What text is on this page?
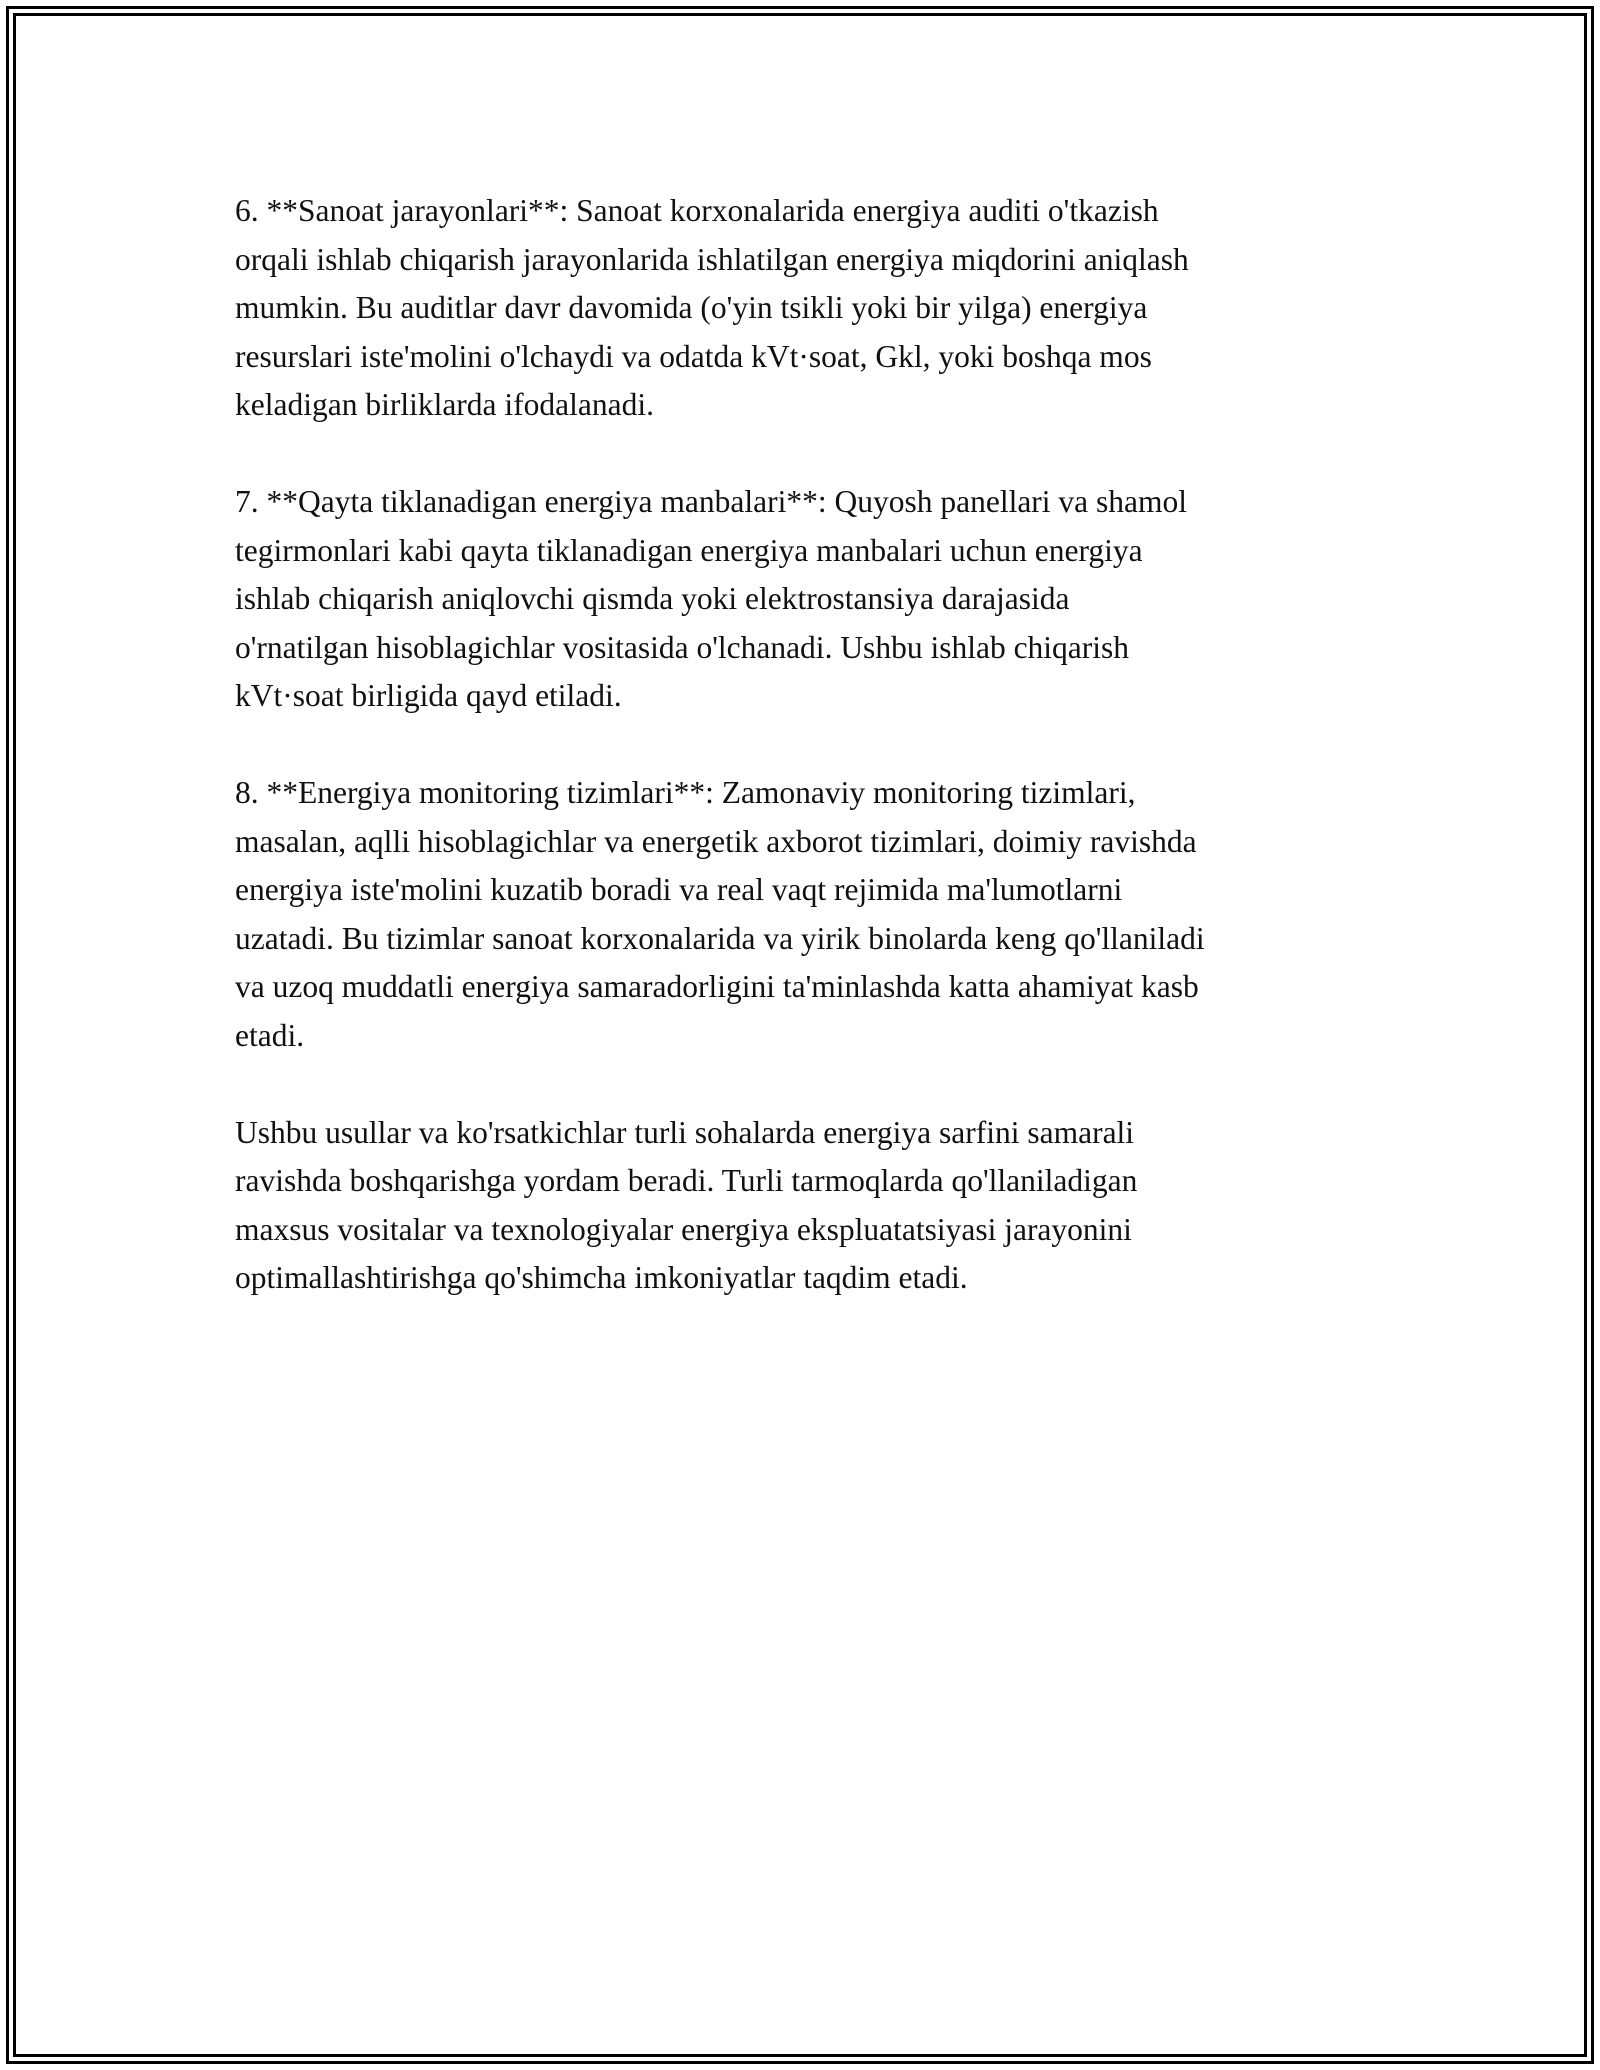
6. **Sanoat jarayonlari**: Sanoat korxonalarida energiya auditi o'tkazish
orqali ishlab chiqarish jarayonlarida ishlatilgan energiya miqdorini aniqlash
mumkin. Bu auditlar davr davomida (o'yin tsikli yoki bir yilga) energiya
resurslari iste'molini o'lchaydi va odatda kVt·soat, Gkl, yoki boshqa mos
keladigan birliklarda ifodalanadi.

7. **Qayta tiklanadigan energiya manbalari**: Quyosh panellari va shamol
tegirmonlari kabi qayta tiklanadigan energiya manbalari uchun energiya
ishlab chiqarish aniqlovchi qismda yoki elektrostansiya darajasida
o'rnatilgan hisoblagichlar vositasida o'lchanadi. Ushbu ishlab chiqarish
kVt·soat birligida qayd etiladi.

8. **Energiya monitoring tizimlari**: Zamonaviy monitoring tizimlari,
masalan, aqlli hisoblagichlar va energetik axborot tizimlari, doimiy ravishda
energiya iste'molini kuzatib boradi va real vaqt rejimida ma'lumotlarni
uzatadi. Bu tizimlar sanoat korxonalarida va yirik binolarda keng qo'llaniladi
va uzoq muddatli energiya samaradorligini ta'minlashda katta ahamiyat kasb
etadi.

Ushbu usullar va ko'rsatkichlar turli sohalarda energiya sarfini samarali
ravishda boshqarishga yordam beradi. Turli tarmoqlarda qo'llaniladigan
maxsus vositalar va texnologiyalar energiya ekspluatatsiyasi jarayonini
optimallashtirishga qo'shimcha imkoniyatlar taqdim etadi.
